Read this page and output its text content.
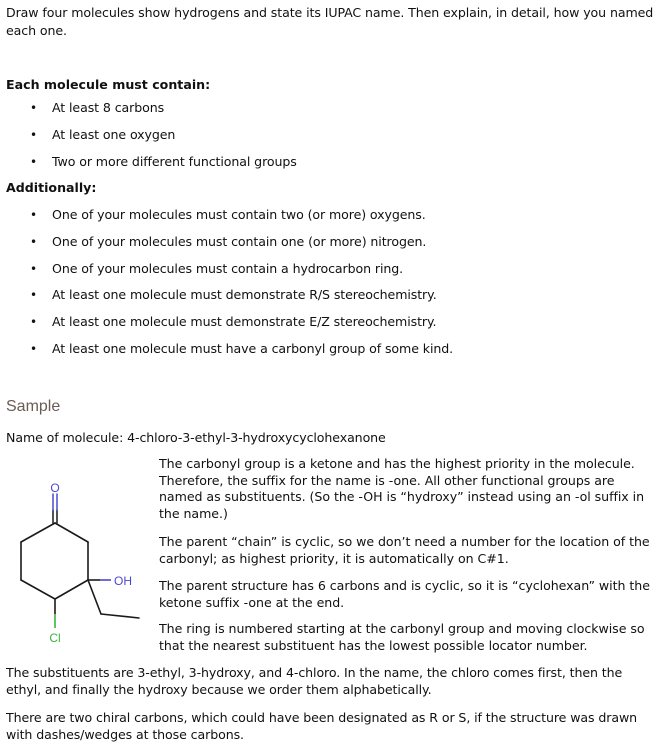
Draw four molecules show hydrogens and state its IUPAC name. Then explain, in detail, how you named each one.
Each molecule must contain:
• At least 8 carbons
• At least one oxygen
• Two or more different functional groups
Additionally:
• One of your molecules must contain two (or more) oxygens.
• One of your molecules must contain one (or more) nitrogen.
• One of your molecules must contain a hydrocarbon ring.
• At least one molecule must demonstrate R/S stereochemistry.
• At least one molecule must demonstrate E/Z stereochemistry.
• At least one molecule must have a carbonyl group of some kind.
Sample
Name of molecule: 4-chloro-3-ethyl-3-hydroxycyclohexanone
O
OH
Cl
The carbonyl group is a ketone and has the highest priority in the molecule. Therefore, the suffix for the name is -one. All other functional groups are named as substituents. (So the -OH is “hydroxy” instead using an -ol suffix in the name.)
The parent “chain” is cyclic, so we don’t need a number for the location of the carbonyl; as highest priority, it is automatically on C#1.
The parent structure has 6 carbons and is cyclic, so it is “cyclohexan” with the ketone suffix -one at the end.
The ring is numbered starting at the carbonyl group and moving clockwise so that the nearest substituent has the lowest possible locator number.
The substituents are 3-ethyl, 3-hydroxy, and 4-chloro. In the name, the chloro comes first, then the ethyl, and finally the hydroxy because we order them alphabetically.
There are two chiral carbons, which could have been designated as R or S, if the structure was drawn with dashes/wedges at those carbons.
